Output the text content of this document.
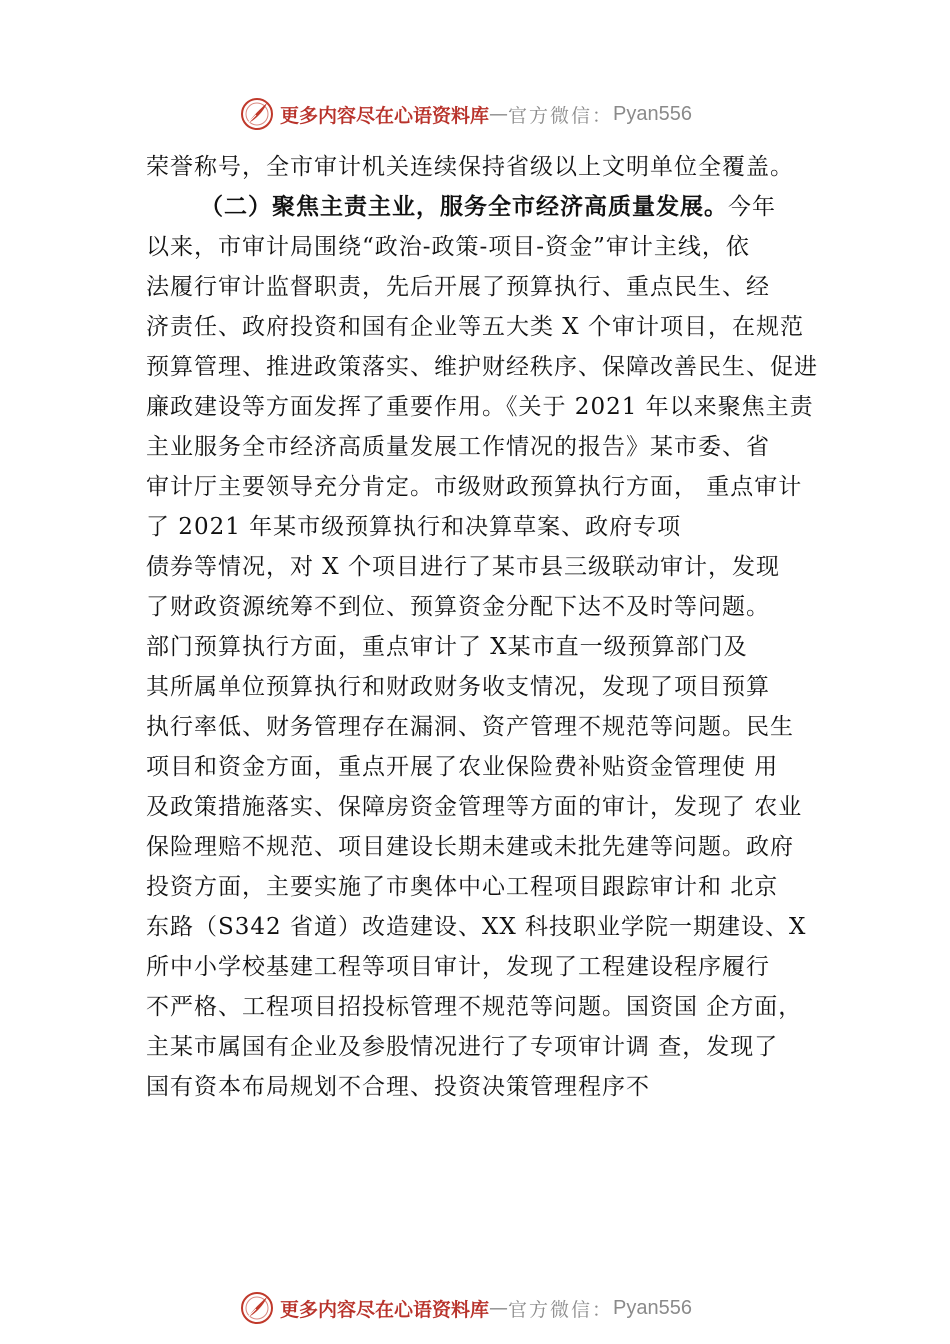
更多内容尽在心语资料库 — 官方微信： Pyan556
荣誉称号，全市审计机关连续保持省级以上文明单位全覆盖。
（二）聚焦主责主业，服务全市经济高质量发展。今年
以来，市审计局围绕“政治-政策-项目-资金”审计主线，依
法履行审计监督职责，先后开展了预算执行、重点民生、经
济责任、政府投资和国有企业等五大类 X 个审计项目，在规范
预算管理、推进政策落实、维护财经秩序、保障改善民生、促进
廉政建设等方面发挥了重要作用。《关于 2021 年以来聚焦主责
主业服务全市经济高质量发展工作情况的报告》某市委、省
审计厅主要领导充分肯定。市级财政预算执行方面， 重点审计
了 2021 年某市级预算执行和决算草案、政府专项
债券等情况，对 X 个项目进行了某市县三级联动审计，发现
了财政资源统筹不到位、预算资金分配下达不及时等问题。
部门预算执行方面，重点审计了 X某市直一级预算部门及
其所属单位预算执行和财政财务收支情况，发现了项目预算
执行率低、财务管理存在漏洞、资产管理不规范等问题。民生
项目和资金方面，重点开展了农业保险费补贴资金管理使 用
及政策措施落实、保障房资金管理等方面的审计，发现了 农业
保险理赔不规范、项目建设长期未建或未批先建等问题。政府
投资方面，主要实施了市奥体中心工程项目跟踪审计和 北京
东路（S342 省道）改造建设、XX 科技职业学院一期建设、X
所中小学校基建工程等项目审计，发现了工程建设程序履行
不严格、工程项目招投标管理不规范等问题。国资国 企方面，
主某市属国有企业及参股情况进行了专项审计调 查，发现了
国有资本布局规划不合理、投资决策管理程序不
更多内容尽在心语资料库 — 官方微信： Pyan556
